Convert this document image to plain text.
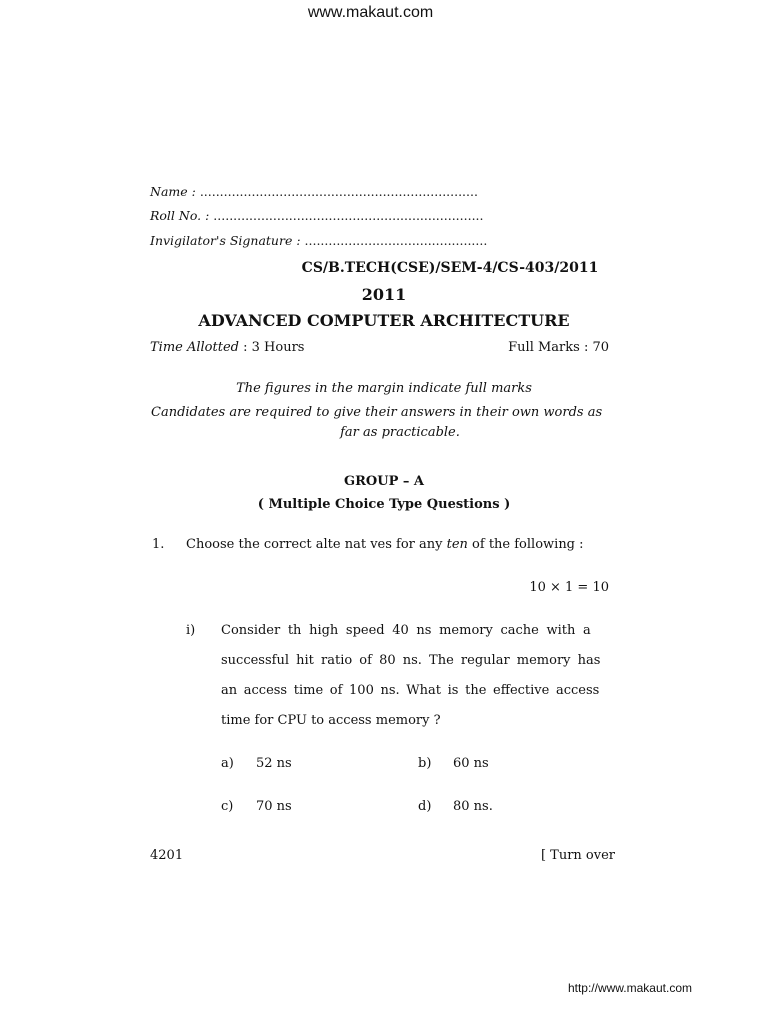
www.makaut.com
Name : ......................................................................
Roll No. : ....................................................................
Invigilator's Signature : ..............................................
CS/B.TECH(CSE)/SEM-4/CS-403/2011
2011
ADVANCED COMPUTER ARCHITECTURE
Time Allotted : 3 Hours	Full Marks : 70
The figures in the margin indicate full marks
Candidates are required to give their answers in their own words as
far as practicable.
GROUP – A
( Multiple Choice Type Questions )
1. Choose the correct alte nat ves for any ten of the following :
10 × 1 = 10
i) Consider th high speed 40 ns memory cache with a
successful hit ratio of 80 ns. The regular memory has
an access time of 100 ns. What is the effective access
time for CPU to access memory ?
a) 52 ns	b) 60 ns
c) 70 ns	d) 80 ns.
4201	[ Turn over
http://www.makaut.com
